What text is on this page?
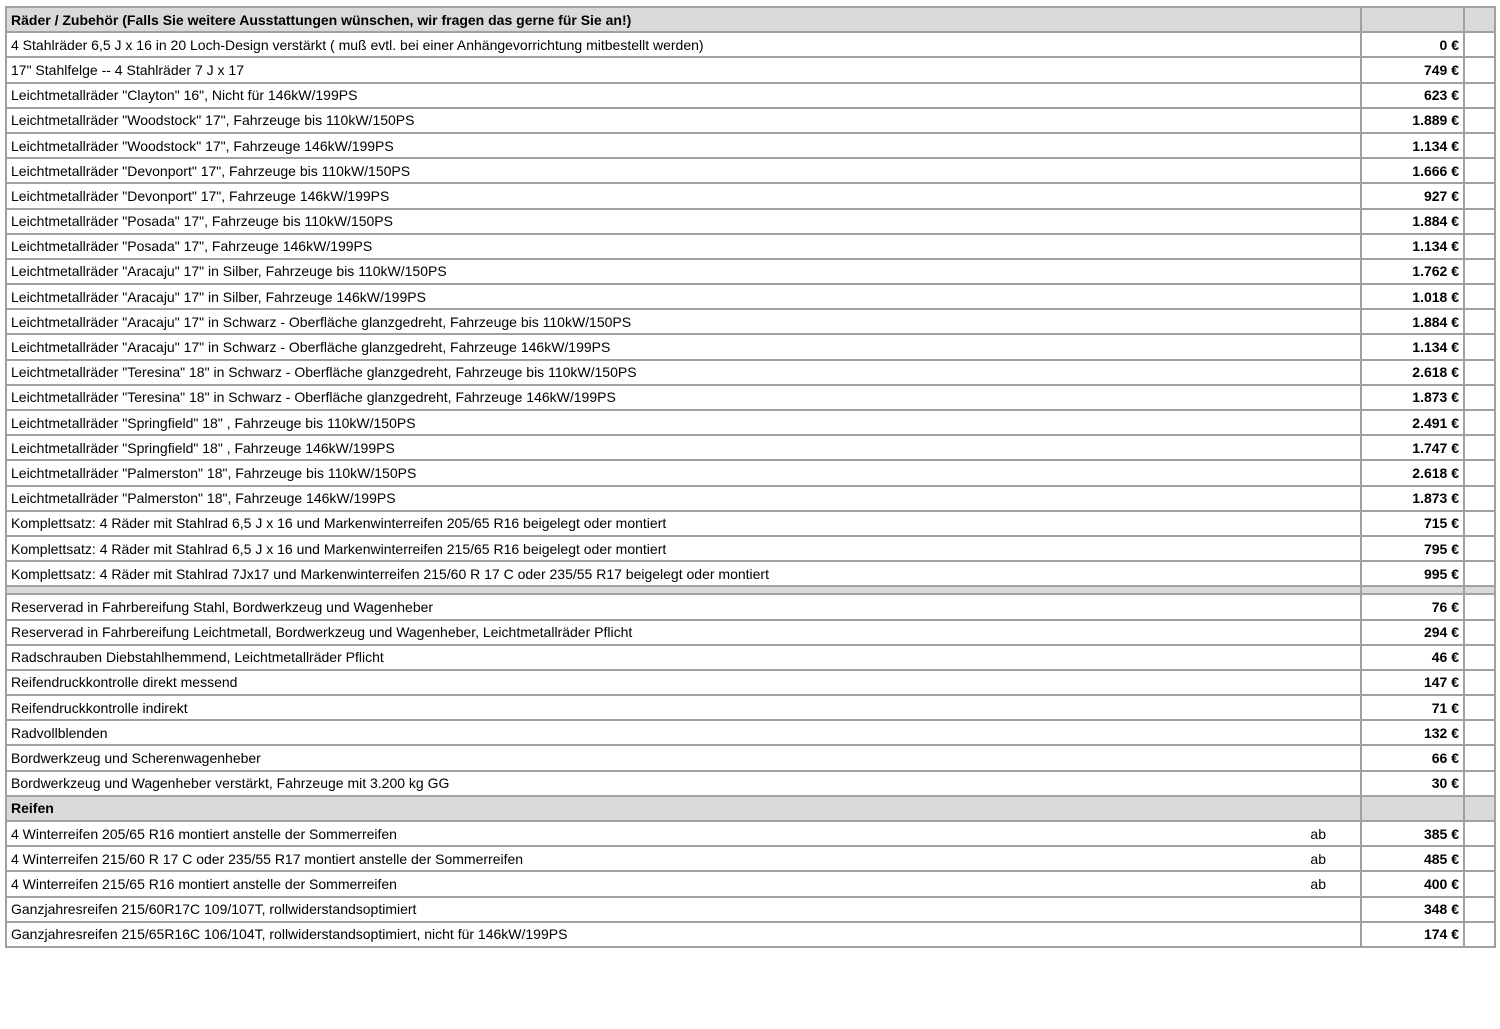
Räder / Zubehör (Falls Sie weitere Ausstattungen wünschen, wir fragen das gerne für Sie an!)		
4 Stahlräder 6,5 J x 16 in 20 Loch-Design verstärkt ( muß evtl. bei einer Anhängevorrichtung mitbestellt werden)	0 €	
17" Stahlfelge -- 4 Stahlräder 7 J x 17	749 €	
Leichtmetallräder "Clayton" 16", Nicht für 146kW/199PS	623 €	
Leichtmetallräder "Woodstock" 17", Fahrzeuge bis 110kW/150PS	1.889 €	
Leichtmetallräder "Woodstock" 17", Fahrzeuge 146kW/199PS	1.134 €	
Leichtmetallräder "Devonport" 17", Fahrzeuge bis 110kW/150PS	1.666 €	
Leichtmetallräder "Devonport" 17", Fahrzeuge 146kW/199PS	927 €	
Leichtmetallräder "Posada" 17", Fahrzeuge bis 110kW/150PS	1.884 €	
Leichtmetallräder "Posada" 17", Fahrzeuge 146kW/199PS	1.134 €	
Leichtmetallräder "Aracaju" 17" in Silber, Fahrzeuge bis 110kW/150PS	1.762 €	
Leichtmetallräder "Aracaju" 17" in Silber, Fahrzeuge 146kW/199PS	1.018 €	
Leichtmetallräder "Aracaju" 17" in Schwarz - Oberfläche glanzgedreht, Fahrzeuge bis 110kW/150PS	1.884 €	
Leichtmetallräder "Aracaju" 17" in Schwarz - Oberfläche glanzgedreht, Fahrzeuge 146kW/199PS	1.134 €	
Leichtmetallräder "Teresina" 18" in Schwarz - Oberfläche glanzgedreht, Fahrzeuge bis 110kW/150PS	2.618 €	
Leichtmetallräder "Teresina" 18" in Schwarz - Oberfläche glanzgedreht, Fahrzeuge 146kW/199PS	1.873 €	
Leichtmetallräder "Springfield" 18" , Fahrzeuge bis 110kW/150PS	2.491 €	
Leichtmetallräder "Springfield" 18" , Fahrzeuge 146kW/199PS	1.747 €	
Leichtmetallräder "Palmerston" 18", Fahrzeuge bis 110kW/150PS	2.618 €	
Leichtmetallräder "Palmerston" 18", Fahrzeuge 146kW/199PS	1.873 €	
Komplettsatz: 4 Räder mit Stahlrad 6,5 J x 16 und Markenwinterreifen 205/65 R16 beigelegt oder montiert	715 €	
Komplettsatz: 4 Räder mit Stahlrad 6,5 J x 16 und Markenwinterreifen 215/65 R16 beigelegt oder montiert	795 €	
Komplettsatz: 4 Räder mit Stahlrad 7Jx17 und Markenwinterreifen 215/60 R 17 C oder 235/55 R17 beigelegt oder montiert	995 €	

Reserverad in Fahrbereifung Stahl, Bordwerkzeug und Wagenheber	76 €	
Reserverad in Fahrbereifung Leichtmetall, Bordwerkzeug und Wagenheber, Leichtmetallräder Pflicht	294 €	
Radschrauben Diebstahlhemmend, Leichtmetallräder Pflicht	46 €	
Reifendruckkontrolle direkt messend	147 €	
Reifendruckkontrolle indirekt	71 €	
Radvollblenden	132 €	
Bordwerkzeug und Scherenwagenheber	66 €	
Bordwerkzeug und Wagenheber verstärkt, Fahrzeuge mit 3.200 kg GG	30 €	
Reifen		

4 Winterreifen 205/65 R16 montiert anstelle der Sommerreifen ab	385 €	

4 Winterreifen 215/60 R 17 C oder 235/55 R17 montiert anstelle der Sommerreifen ab	485 €	

4 Winterreifen 215/65 R16 montiert anstelle der Sommerreifen ab	400 €	
Ganzjahresreifen 215/60R17C 109/107T, rollwiderstandsoptimiert	348 €	
Ganzjahresreifen 215/65R16C 106/104T, rollwiderstandsoptimiert, nicht für 146kW/199PS	174 €	
